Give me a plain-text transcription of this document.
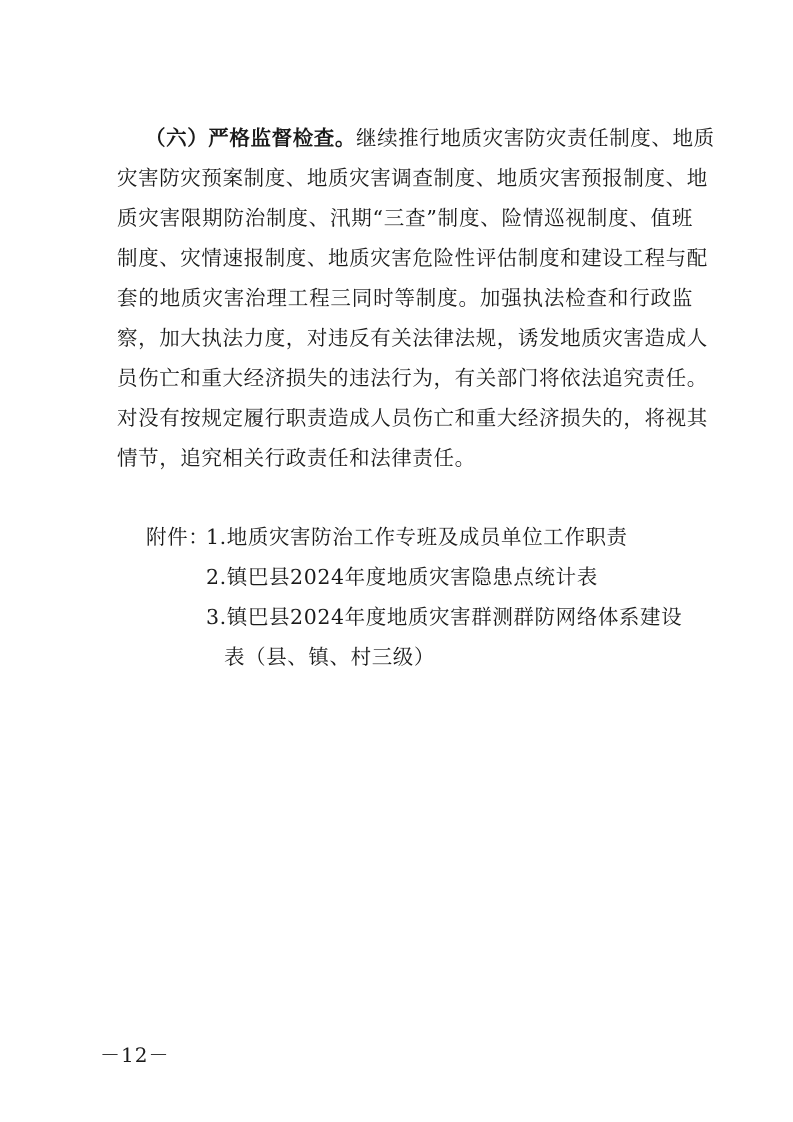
（六）严格监督检查。继续推行地质灾害防灾责任制度、地质
灾害防灾预案制度、地质灾害调查制度、地质灾害预报制度、地
质灾害限期防治制度、汛期“三查”制度、险情巡视制度、值班
制度、灾情速报制度、地质灾害危险性评估制度和建设工程与配
套的地质灾害治理工程三同时等制度。加强执法检查和行政监
察，加大执法力度，对违反有关法律法规，诱发地质灾害造成人
员伤亡和重大经济损失的违法行为，有关部门将依法追究责任。
对没有按规定履行职责造成人员伤亡和重大经济损失的，将视其
情节，追究相关行政责任和法律责任。
附件：1.地质灾害防治工作专班及成员单位工作职责
2.镇巴县2024年度地质灾害隐患点统计表
3.镇巴县2024年度地质灾害群测群防网络体系建设
表（县、镇、村三级）
－12－
